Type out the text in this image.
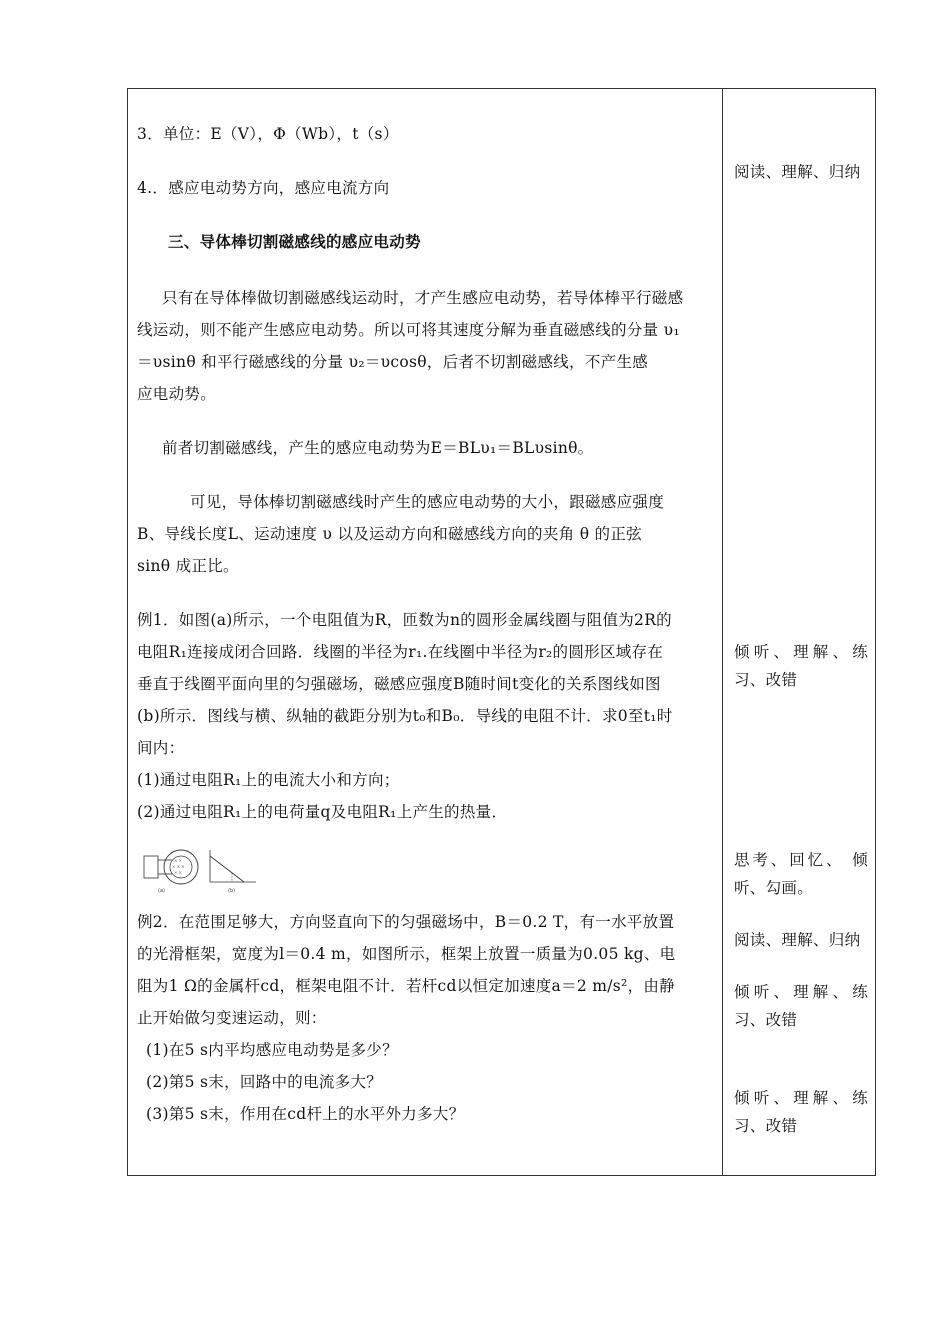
3．单位：E（V），Φ（Wb），t（s）
4.．感应电动势方向，感应电流方向
三、导体棒切割磁感线的感应电动势
只有在导体棒做切割磁感线运动时，才产生感应电动势，若导体棒平行磁感
线运动，则不能产生感应电动势。所以可将其速度分解为垂直磁感线的分量 υ₁
＝υsinθ 和平行磁感线的分量 υ₂＝υcosθ，后者不切割磁感线，不产生感
应电动势。
前者切割磁感线，产生的感应电动势为E＝BLυ₁＝BLυsinθ。
可见，导体棒切割磁感线时产生的感应电动势的大小，跟磁感应强度
B、导线长度L、运动速度 υ 以及运动方向和磁感线方向的夹角 θ 的正弦
sinθ 成正比。
例1．如图(a)所示，一个电阻值为R，匝数为n的圆形金属线圈与阻值为2R的
电阻R₁连接成闭合回路．线圈的半径为r₁.在线圈中半径为r₂的圆形区域存在
垂直于线圈平面向里的匀强磁场，磁感应强度B随时间t变化的关系图线如图
(b)所示．图线与横、纵轴的截距分别为t₀和B₀．导线的电阻不计．求0至t₁时
间内：
(1)通过电阻R₁上的电流大小和方向；
(2)通过电阻R₁上的电荷量q及电阻R₁上产生的热量．
× ×
× × ×
× ×
(a)	(b)
例2．在范围足够大，方向竖直向下的匀强磁场中，B＝0.2 T，有一水平放置
的光滑框架，宽度为l＝0.4 m，如图所示，框架上放置一质量为0.05 kg、电
阻为1 Ω的金属杆cd，框架电阻不计．若杆cd以恒定加速度a＝2 m/s²，由静
止开始做匀变速运动，则：
(1)在5 s内平均感应电动势是多少？
(2)第5 s末，回路中的电流多大？
(3)第5 s末，作用在cd杆上的水平外力多大？
阅读、理解、归纳
倾听、理解、练
习、改错
思考、回忆、 倾
听、勾画。
阅读、理解、归纳
倾听、理解、练
习、改错
倾听、理解、练
习、改错
